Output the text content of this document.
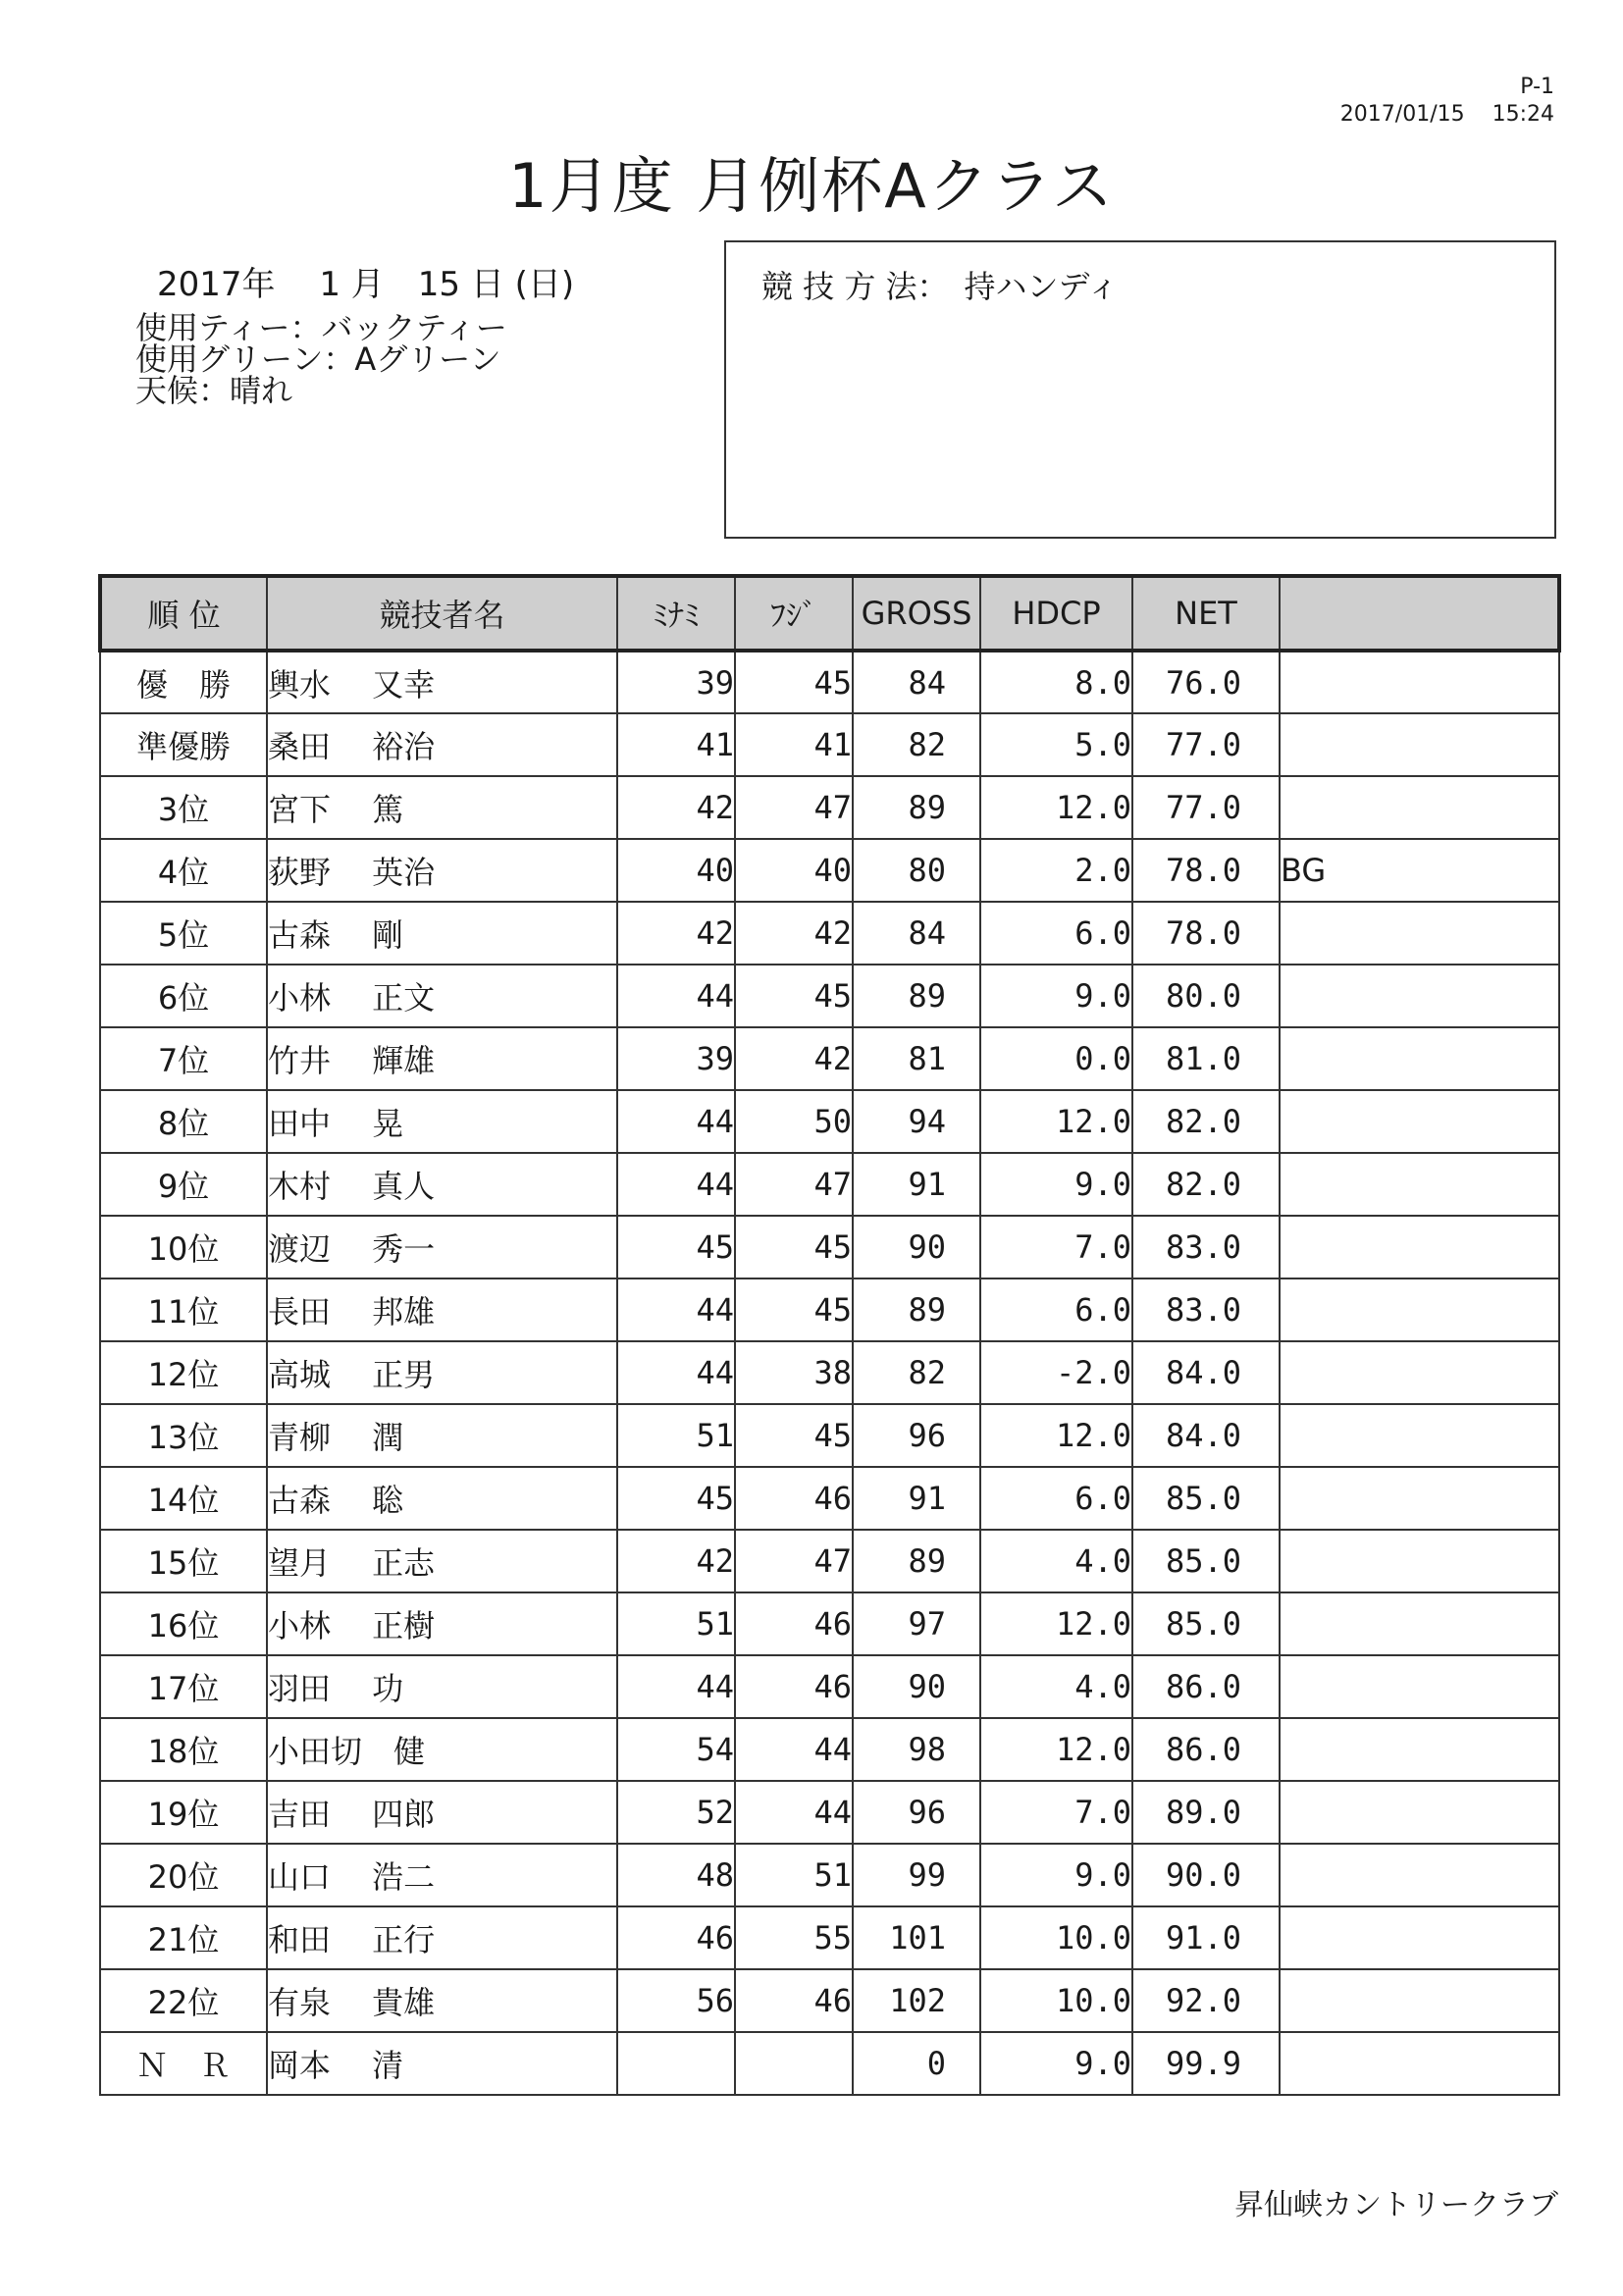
P-1
2017/01/15 15:24
1月度 月例杯Aクラス
2017年　 1 月　15 日 (日)
使用ティー：バックティー
使用グリーン：Aグリーン
天候：晴れ
競 技 方 法：　持ハンディ
順 位	競技者名	ﾐﾅﾐ	ﾌｼﾞ	GROSS	HDCP	NET	
優　勝	輿水　 又幸	39	45	84	8.0	76.0	
準優勝	桑田　 裕治	41	41	82	5.0	77.0	
3位	宮下　 篤	42	47	89	12.0	77.0	
4位	荻野　 英治	40	40	80	2.0	78.0	BG
5位	古森　 剛	42	42	84	6.0	78.0	
6位	小林　 正文	44	45	89	9.0	80.0	
7位	竹井　 輝雄	39	42	81	0.0	81.0	
8位	田中　 晃	44	50	94	12.0	82.0	
9位	木村　 真人	44	47	91	9.0	82.0	
10位	渡辺　 秀一	45	45	90	7.0	83.0	
11位	長田　 邦雄	44	45	89	6.0	83.0	
12位	高城　 正男	44	38	82	-2.0	84.0	
13位	青柳　 潤	51	45	96	12.0	84.0	
14位	古森　 聡	45	46	91	6.0	85.0	
15位	望月　 正志	42	47	89	4.0	85.0	
16位	小林　 正樹	51	46	97	12.0	85.0	
17位	羽田　 功	44	46	90	4.0	86.0	
18位	小田切　健	54	44	98	12.0	86.0	
19位	吉田　 四郎	52	44	96	7.0	89.0	
20位	山口　 浩二	48	51	99	9.0	90.0	
21位	和田　 正行	46	55	101	10.0	91.0	
22位	有泉　 貴雄	56	46	102	10.0	92.0	
Ｎ　Ｒ	岡本　 清			0	9.0	99.9	
昇仙峡カントリークラブ
